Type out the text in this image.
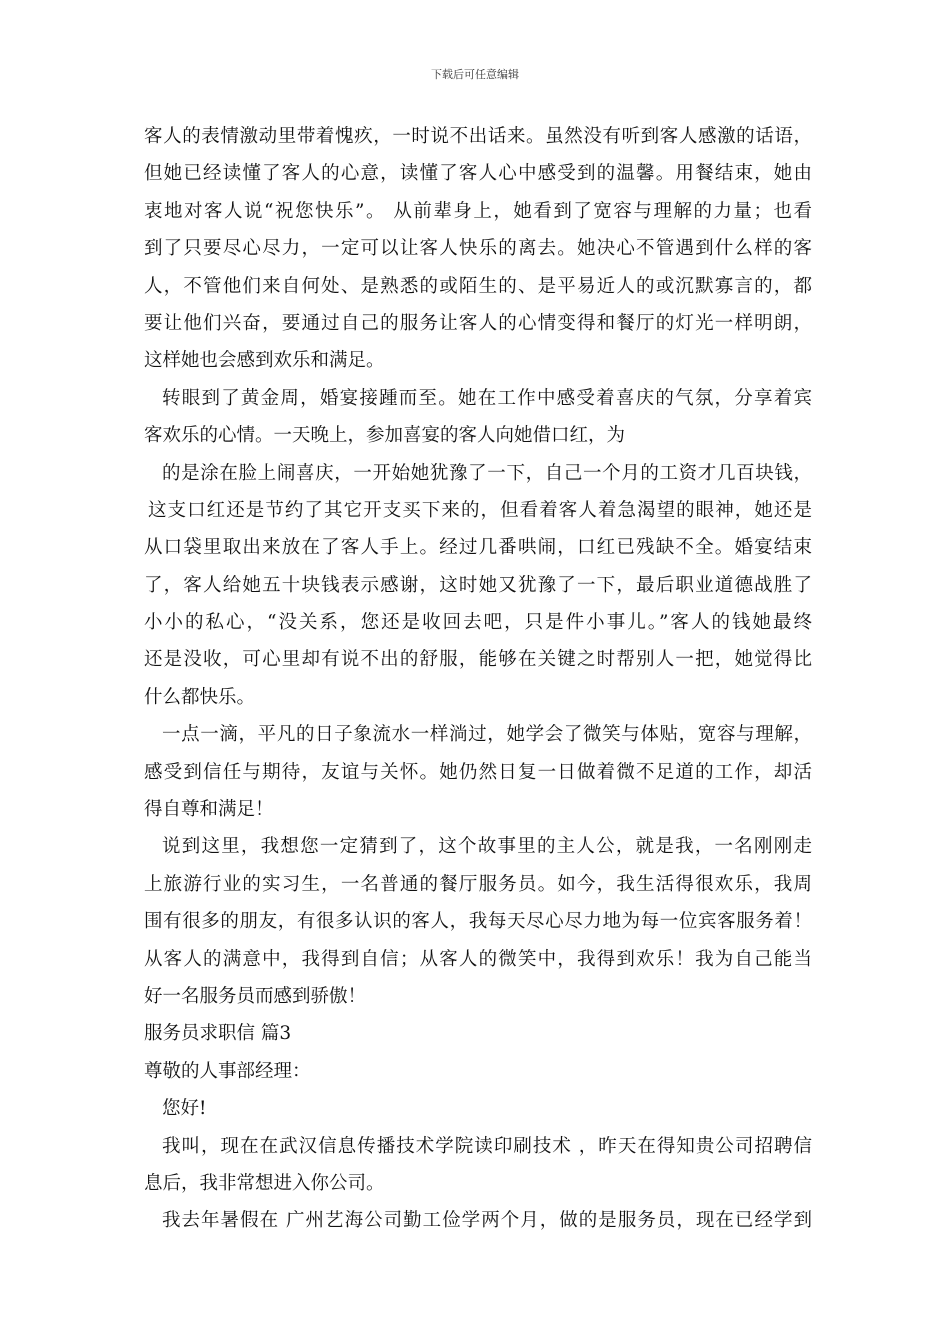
下载后可任意编辑
客人的表情激动里带着愧疚，一时说不出话来。虽然没有听到客人感激的话语，
但她已经读懂了客人的心意，读懂了客人心中感受到的温馨。用餐结束，她由
衷地对客人说“祝您快乐”。 从前辈身上，她看到了宽容与理解的力量；也看
到了只要尽心尽力，一定可以让客人快乐的离去。她决心不管遇到什么样的客
人，不管他们来自何处、是熟悉的或陌生的、是平易近人的或沉默寡言的，都
要让他们兴奋，要通过自己的服务让客人的心情变得和餐厅的灯光一样明朗，
这样她也会感到欢乐和满足。
转眼到了黄金周，婚宴接踵而至。她在工作中感受着喜庆的气氛，分享着宾
客欢乐的心情。一天晚上，参加喜宴的客人向她借口红，为
的是涂在脸上闹喜庆，一开始她犹豫了一下，自己一个月的工资才几百块钱，
这支口红还是节约了其它开支买下来的，但看着客人着急渴望的眼神，她还是
从口袋里取出来放在了客人手上。经过几番哄闹，口红已残缺不全。婚宴结束
了，客人给她五十块钱表示感谢，这时她又犹豫了一下，最后职业道德战胜了
小小的私心，“没关系，您还是收回去吧，只是件小事儿。”客人的钱她最终
还是没收，可心里却有说不出的舒服，能够在关键之时帮别人一把，她觉得比
什么都快乐。
一点一滴，平凡的日子象流水一样淌过，她学会了微笑与体贴，宽容与理解，
感受到信任与期待，友谊与关怀。她仍然日复一日做着微不足道的工作，却活
得自尊和满足！
说到这里，我想您一定猜到了，这个故事里的主人公，就是我，一名刚刚走
上旅游行业的实习生，一名普通的餐厅服务员。如今，我生活得很欢乐，我周
围有很多的朋友，有很多认识的客人，我每天尽心尽力地为每一位宾客服务着！
从客人的满意中，我得到自信；从客人的微笑中，我得到欢乐！我为自己能当
好一名服务员而感到骄傲！
服务员求职信 篇3
尊敬的人事部经理：
您好!
我叫，现在在武汉信息传播技术学院读印刷技术 ，昨天在得知贵公司招聘信
息后，我非常想进入你公司。
我去年暑假在 广州艺海公司勤工俭学两个月，做的是服务员，现在已经学到
